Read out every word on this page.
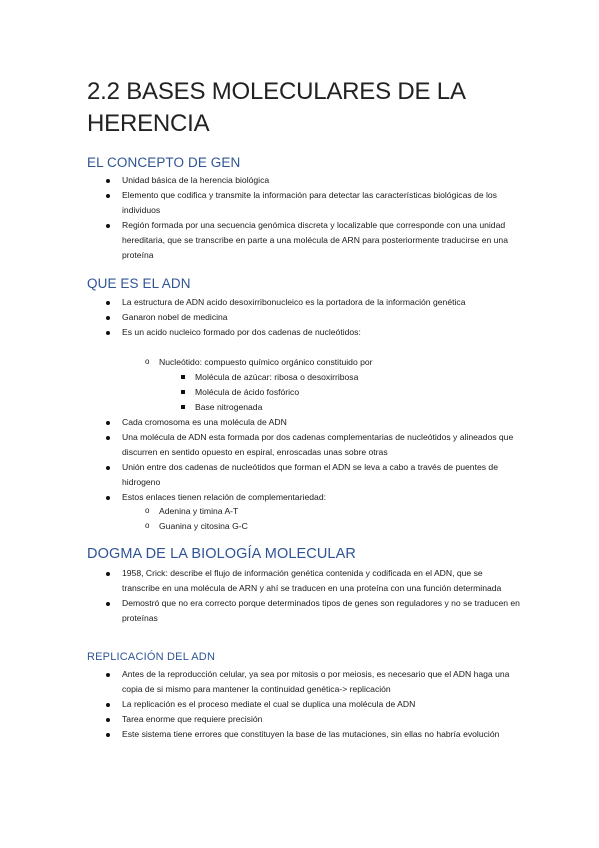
2.2 BASES MOLECULARES DE LA HERENCIA
EL CONCEPTO DE GEN
Unidad básica de la herencia biológica
Elemento que codifica y transmite la información para detectar las características biológicas de los individuos
Región formada por una secuencia genómica discreta y localizable que corresponde con una unidad hereditaria, que se transcribe en parte a una molécula de ARN para posteriormente traducirse en una proteína
QUE ES EL ADN
La estructura de ADN acido desoxirribonucleico es la portadora de la información genética
Ganaron nobel de medicina
Es un acido nucleico formado por dos cadenas de nucleótidos:
o Nucleótido: compuesto químico orgánico constituido por
Molécula de azúcar: ribosa o desoxirribosa
Molécula de ácido fosfórico
Base nitrogenada
Cada cromosoma es una molécula de ADN
Una molécula de ADN esta formada por dos cadenas complementarias de nucleótidos y alineados que discurren en sentido opuesto en espiral, enroscadas unas sobre otras
Unión entre dos cadenas de nucleótidos que forman el ADN se leva a cabo a través de puentes de hidrogeno
Estos enlaces tienen relación de complementariedad:
o Adenina y timina A-T
o Guanina y citosina G-C
DOGMA DE LA BIOLOGÍA MOLECULAR
1958, Crick: describe el flujo de información genética contenida y codificada en el ADN, que se transcribe en una molécula de ARN y ahí se traducen en una proteína con una función determinada
Demostró que no era correcto porque determinados tipos de genes son reguladores y no se traducen en proteínas
REPLICACIÓN DEL ADN
Antes de la reproducción celular, ya sea por mitosis o por meiosis, es necesario que el ADN haga una copia de si mismo para mantener la continuidad genética-> replicación
La replicación es el proceso mediate el cual se duplica una molécula de ADN
Tarea enorme que requiere precisión
Este sistema tiene errores que constituyen la base de las mutaciones, sin ellas no habría evolución
